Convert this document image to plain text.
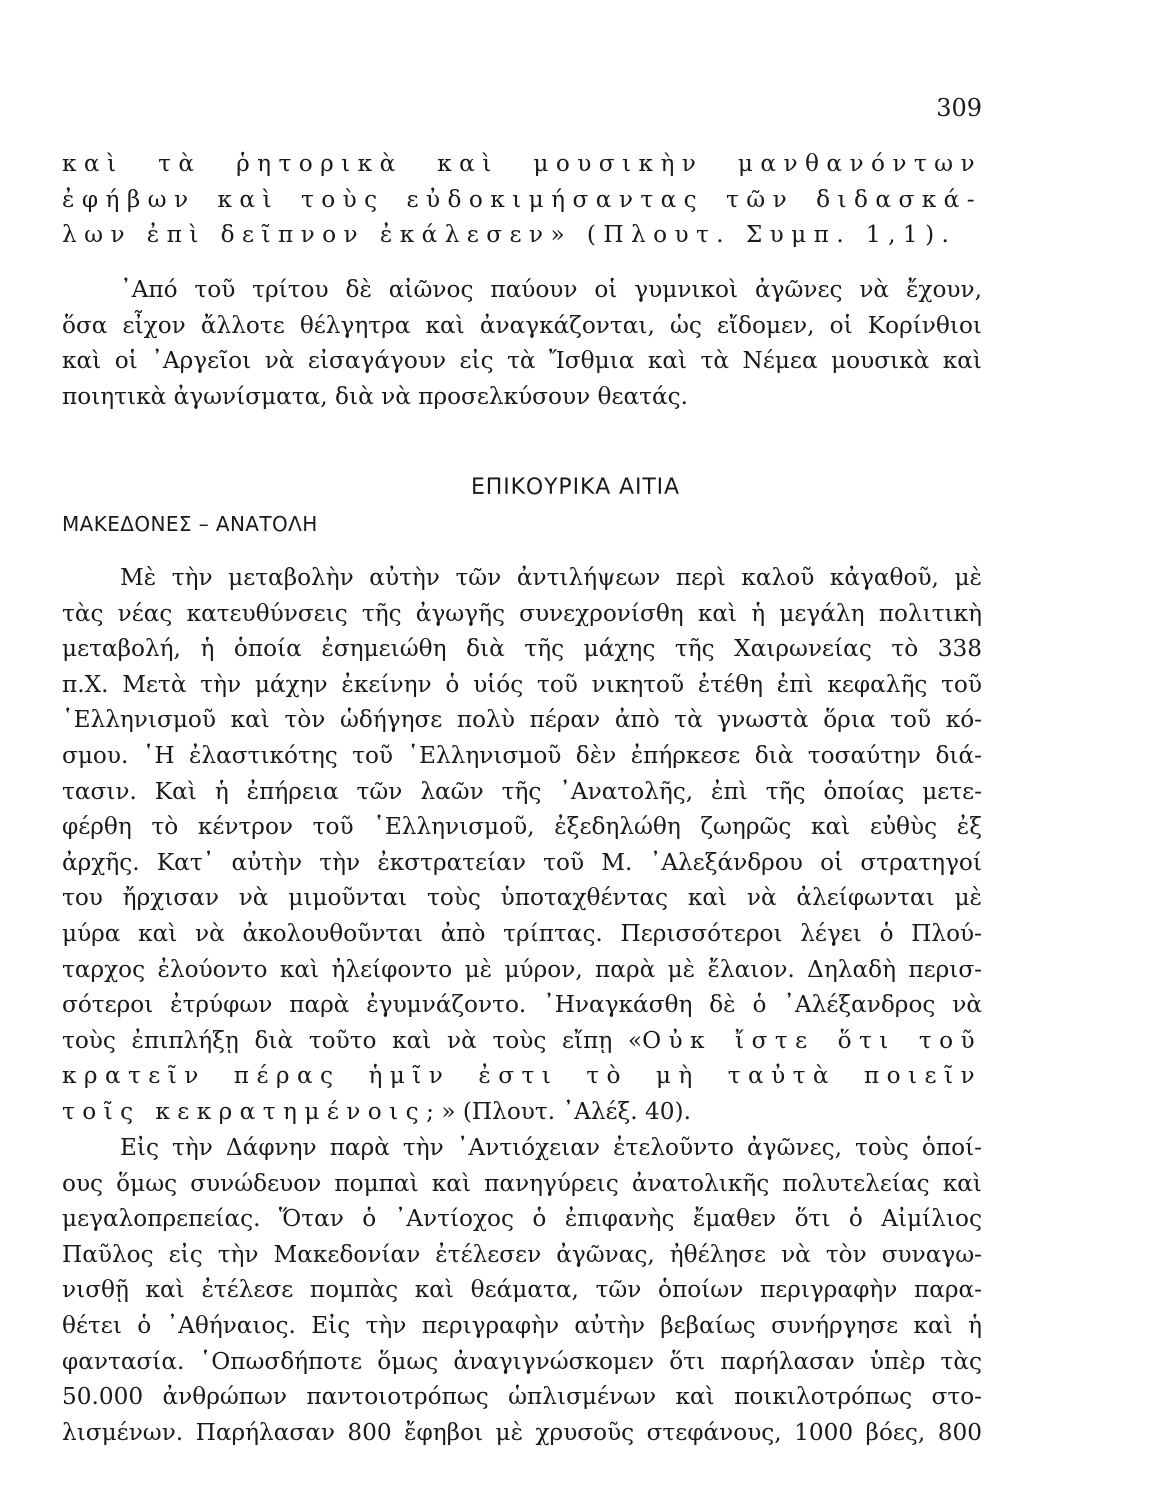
309
καὶ τὰ ῥητορικὰ καὶ μουσικὴν μανθανόντων
ἐφήβων καὶ τοὺς εὐδοκιμήσαντας τῶν διδασκά-
λων ἐπὶ δεῖπνον ἐκάλεσεν» (Πλουτ. Συμπ. 1,1).
᾿Από τοῦ τρίτου δὲ αἰῶνος παύουν οἱ γυμνικοὶ ἀγῶνες νὰ ἔχουν,
ὅσα εἶχον ἄλλοτε θέλγητρα καὶ ἀναγκάζονται, ὡς εἴδομεν, οἱ Κορίνθιοι
καὶ οἱ ᾿Αργεῖοι νὰ εἰσαγάγουν εἰς τὰ Ἴσθμια καὶ τὰ Νέμεα μουσικὰ καὶ
ποιητικὰ ἀγωνίσματα, διὰ νὰ προσελκύσουν θεατάς.
ΕΠΙΚΟΥΡΙΚΑ ΑΙΤΙΑ
ΜΑΚΕΔΟΝΕΣ – ΑΝΑΤΟΛΗ
Μὲ τὴν μεταβολὴν αὐτὴν τῶν ἀντιλήψεων περὶ καλοῦ κἀγαθοῦ, μὲ
τὰς νέας κατευθύνσεις τῆς ἀγωγῆς συνεχρονίσθη καὶ ἡ μεγάλη πολιτικὴ
μεταβολή, ἡ ὁποία ἐσημειώθη διὰ τῆς μάχης τῆς Χαιρωνείας τὸ 338
π.Χ. Μετὰ τὴν μάχην ἐκείνην ὁ υἱός τοῦ νικητοῦ ἐτέθη ἐπὶ κεφαλῆς τοῦ
῾Ελληνισμοῦ καὶ τὸν ὡδήγησε πολὺ πέραν ἀπὸ τὰ γνωστὰ ὅρια τοῦ κό-
σμου. ῾Η ἐλαστικότης τοῦ ῾Ελληνισμοῦ δὲν ἐπήρκεσε διὰ τοσαύτην διά-
τασιν. Καὶ ἡ ἐπήρεια τῶν λαῶν τῆς ᾿Ανατολῆς, ἐπὶ τῆς ὁποίας μετε-
φέρθη τὸ κέντρον τοῦ ῾Ελληνισμοῦ, ἐξεδηλώθη ζωηρῶς καὶ εὐθὺς ἐξ
ἀρχῆς. Κατ᾿ αὐτὴν τὴν ἐκστρατείαν τοῦ Μ. ᾿Αλεξάνδρου οἱ στρατηγοί
του ἤρχισαν νὰ μιμοῦνται τοὺς ὑποταχθέντας καὶ νὰ ἀλείφωνται μὲ
μύρα καὶ νὰ ἀκολουθοῦνται ἀπὸ τρίπτας. Περισσότεροι λέγει ὁ Πλού-
ταρχος ἐλούοντο καὶ ἠλείφοντο μὲ μύρον, παρὰ μὲ ἔλαιον. Δηλαδὴ περισ-
σότεροι ἐτρύφων παρὰ ἐγυμνάζοντο. ᾿Ηναγκάσθη δὲ ὁ ᾿Αλέξανδρος νὰ
τοὺς ἐπιπλήξῃ διὰ τοῦτο καὶ νὰ τοὺς εἴπῃ «Οὐκ ἴστε ὅτι τοῦ
κρατεῖν πέρας ἡμῖν ἐστι τὸ μὴ ταὐτὰ ποιεῖν
τοῖς κεκρατημένοις;» (Πλουτ. ᾿Αλέξ. 40).
Εἰς τὴν Δάφνην παρὰ τὴν ᾿Αντιόχειαν ἐτελοῦντο ἀγῶνες, τοὺς ὁποί-
ους ὅμως συνώδευον πομπαὶ καὶ πανηγύρεις ἀνατολικῆς πολυτελείας καὶ
μεγαλοπρεπείας. Ὅταν ὁ ᾿Αντίοχος ὁ ἐπιφανὴς ἔμαθεν ὅτι ὁ Αἰμίλιος
Παῦλος εἰς τὴν Μακεδονίαν ἐτέλεσεν ἀγῶνας, ἠθέλησε νὰ τὸν συναγω-
νισθῇ καὶ ἐτέλεσε πομπὰς καὶ θεάματα, τῶν ὁποίων περιγραφὴν παρα-
θέτει ὁ ᾿Αθήναιος. Εἰς τὴν περιγραφὴν αὐτὴν βεβαίως συνήργησε καὶ ἡ
φαντασία. ῾Οπωσδήποτε ὅμως ἀναγιγνώσκομεν ὅτι παρήλασαν ὑπὲρ τὰς
50.000 ἀνθρώπων παντοιοτρόπως ὡπλισμένων καὶ ποικιλοτρόπως στο-
λισμένων. Παρήλασαν 800 ἔφηβοι μὲ χρυσοῦς στεφάνους, 1000 βόες, 800
